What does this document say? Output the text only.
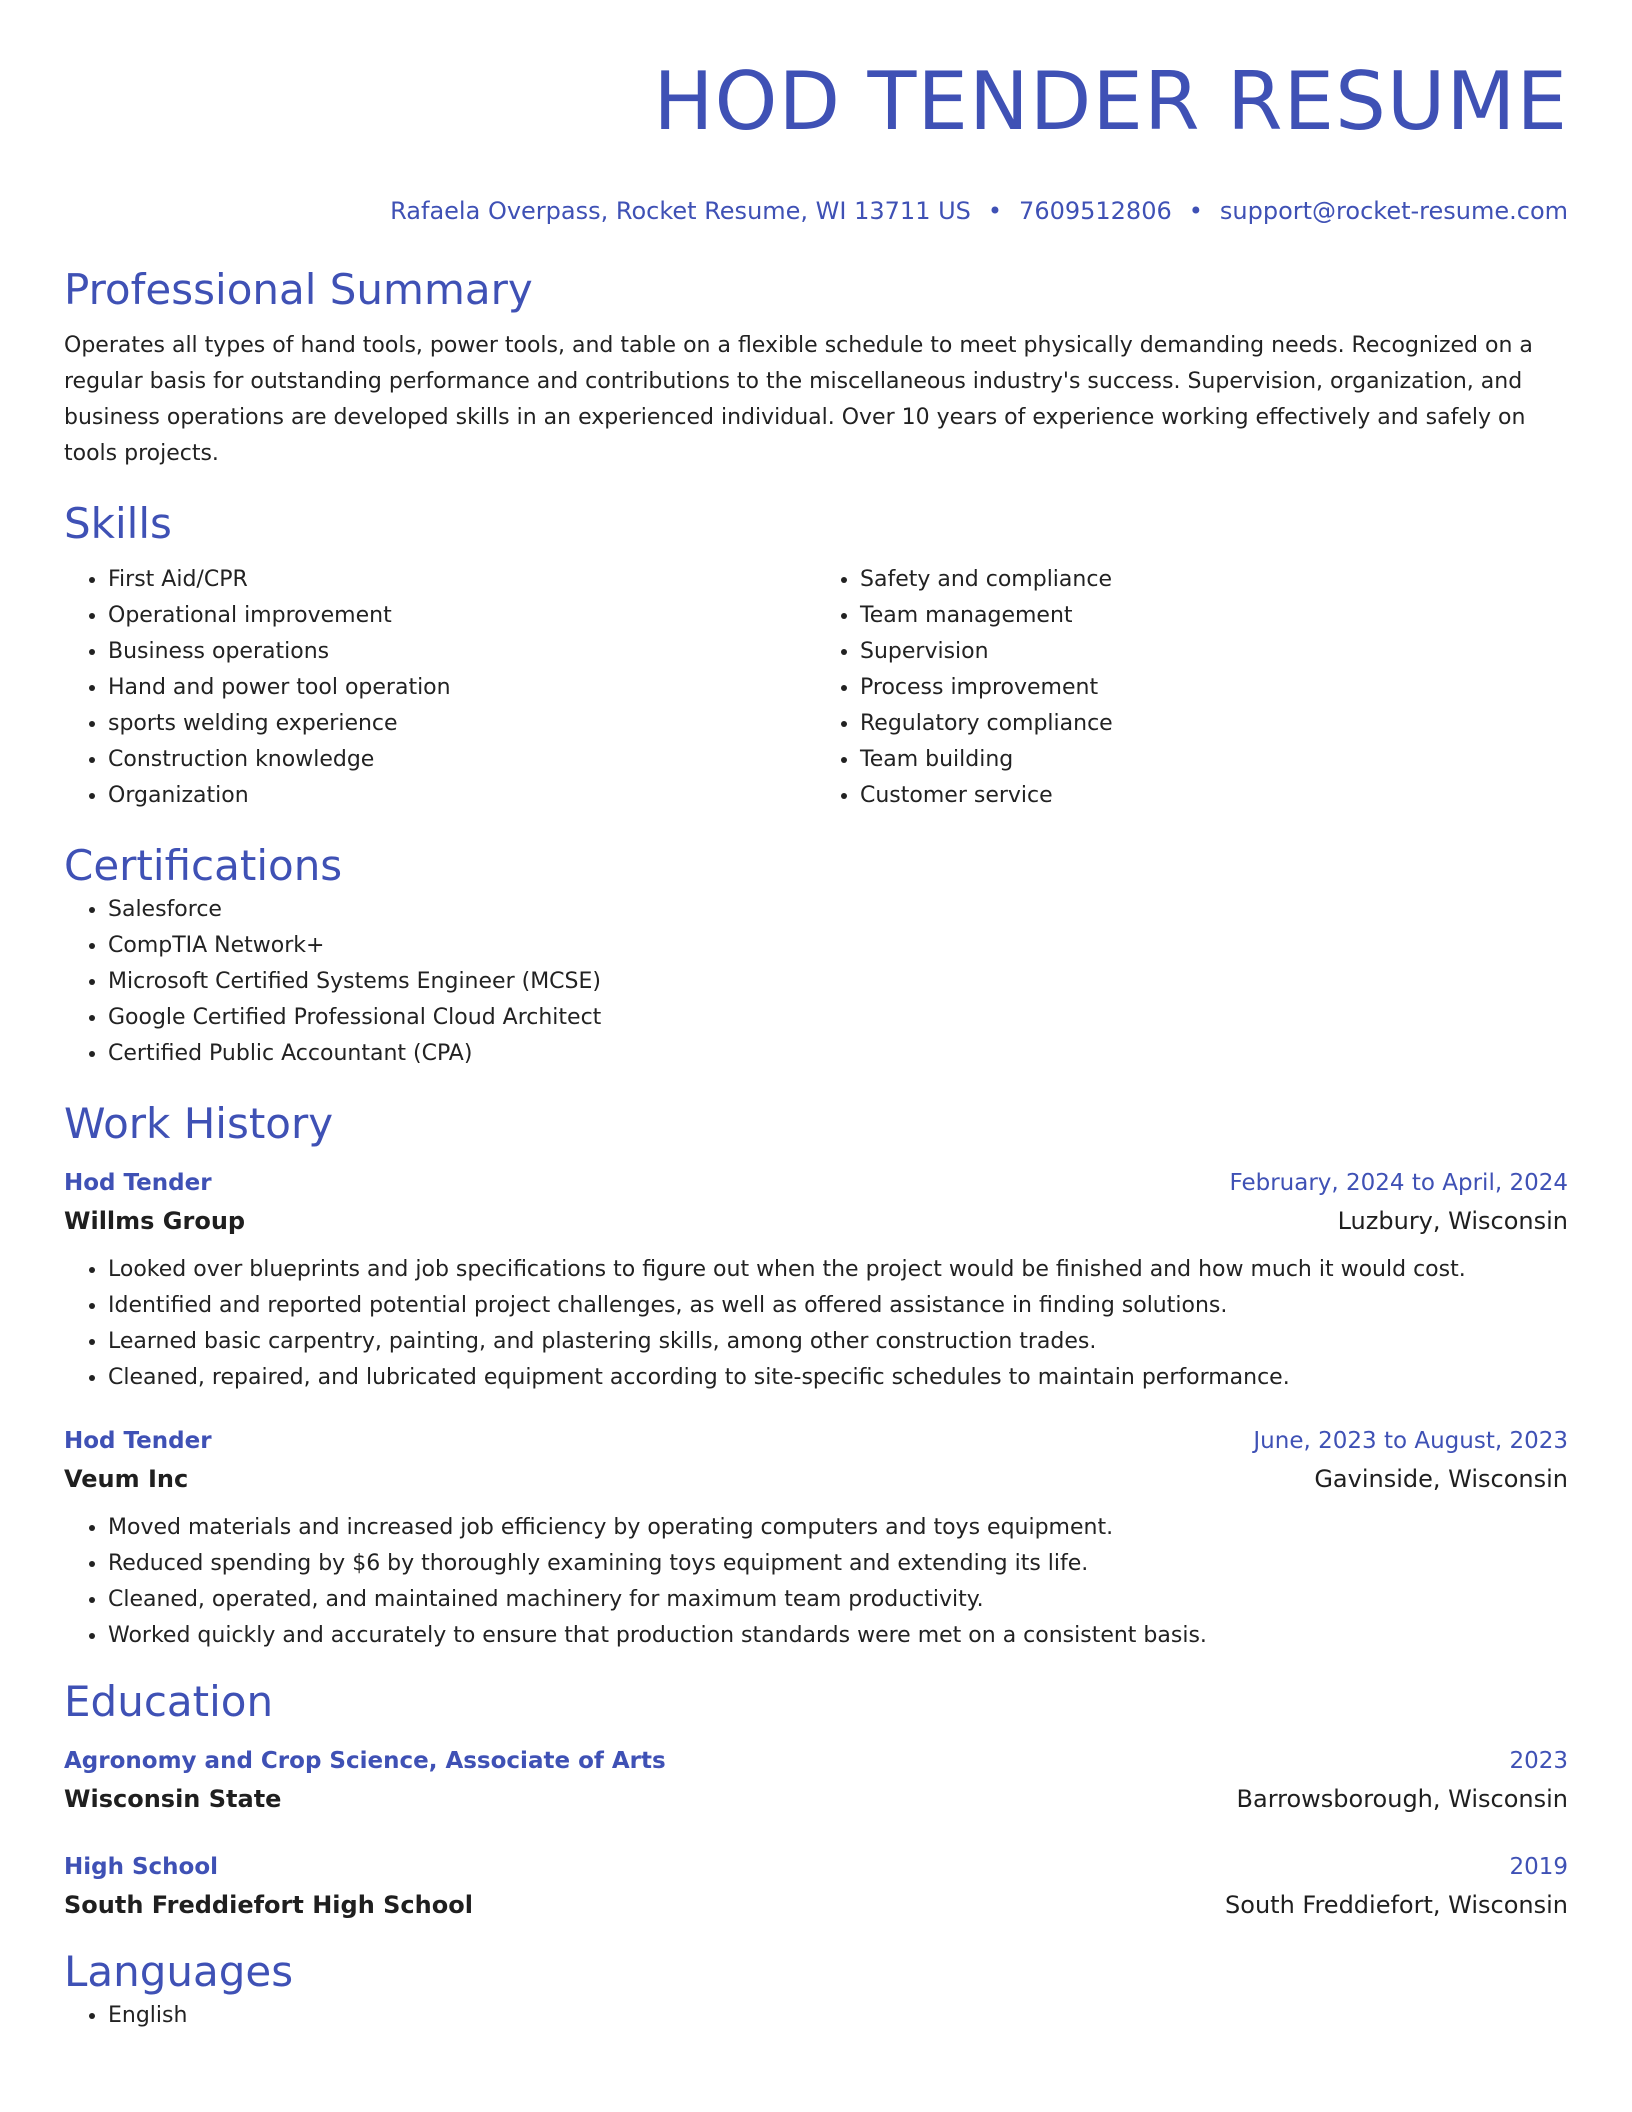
HOD TENDER RESUME
Rafaela Overpass, Rocket Resume, WI 13711 US • 7609512806 • support@rocket-resume.com
Professional Summary

Operates all types of hand tools, power tools, and table on a flexible schedule to meet physically demanding needs. Recognized on a regular basis for outstanding performance and contributions to the miscellaneous industry's success. Supervision, organization, and business operations are developed skills in an experienced individual. Over 10 years of experience working effectively and safely on tools projects.

Skills
• First Aid/CPR
• Operational improvement
• Business operations
• Hand and power tool operation
• sports welding experience
• Construction knowledge
• Organization
• Safety and compliance
• Team management
• Supervision
• Process improvement
• Regulatory compliance
• Team building
• Customer service
Certifications
• Salesforce
• CompTIA Network+
• Microsoft Certified Systems Engineer (MCSE)
• Google Certified Professional Cloud Architect
• Certified Public Accountant (CPA)
Work History
Hod Tender	February, 2024 to April, 2024
Willms Group	Luzbury, Wisconsin
• Looked over blueprints and job specifications to figure out when the project would be finished and how much it would cost.
• Identified and reported potential project challenges, as well as offered assistance in finding solutions.
• Learned basic carpentry, painting, and plastering skills, among other construction trades.
• Cleaned, repaired, and lubricated equipment according to site-specific schedules to maintain performance.
Hod Tender	June, 2023 to August, 2023
Veum Inc	Gavinside, Wisconsin
• Moved materials and increased job efficiency by operating computers and toys equipment.
• Reduced spending by $6 by thoroughly examining toys equipment and extending its life.
• Cleaned, operated, and maintained machinery for maximum team productivity.
• Worked quickly and accurately to ensure that production standards were met on a consistent basis.
Education
Agronomy and Crop Science, Associate of Arts	2023
Wisconsin State	Barrowsborough, Wisconsin
High School	2019
South Freddiefort High School	South Freddiefort, Wisconsin
Languages
• English
